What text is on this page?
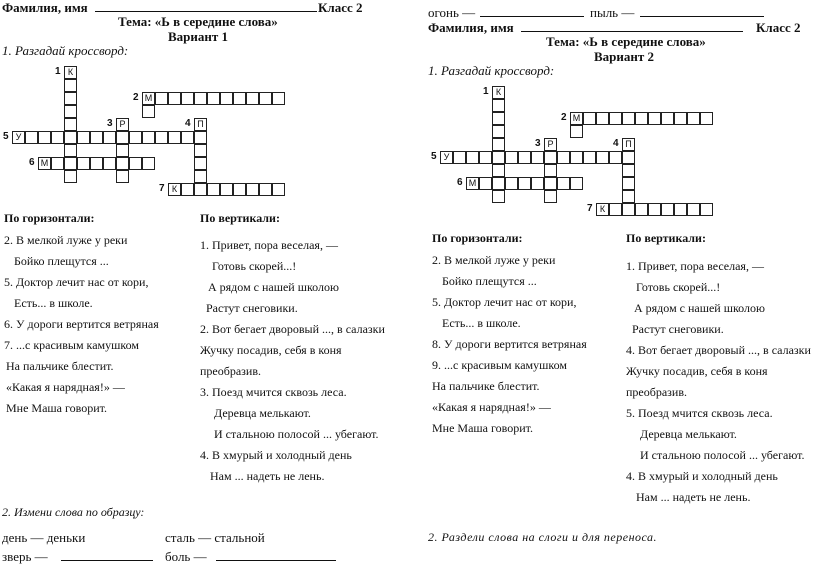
Фамилия, имя	Класс 2
Тема: «Ь в середине слова»
Вариант 1
1. Разгадай кроссворд:
К
М
Р	П
У
М
К
1
2
3	4
5
6
7
По горизонтали:	По вертикали:
2. В мелкой луже у реки
Бойко плещутся ...
5. Доктор лечит нас от кори,
Есть... в школе.
6. У дороги вертится ветряная
7. ...с красивым камушком
На пальчике блестит.
«Какая я нарядная!» —
Мне Маша говорит.
1. Привет, пора веселая, —
Готовь скорей...!
А рядом с нашей школою
Растут снеговики.
2. Вот бегает дворовый ..., в салазки
Жучку посадив, себя в коня
преобразив.
3. Поезд мчится сквозь леса.
Деревца мелькают.
И стальною полосой ... убегают.
4. В хмурый и холодный день
Нам ... надеть не лень.
2. Измени слова по образцу:
день — деньки	сталь — стальной
зверь —	боль —
огонь —	пыль —
Фамилия, имя	Класс 2
Тема: «Ь в середине слова»
Вариант 2
1. Разгадай кроссворд:
К
М
Р	П
У
М
К
1
2
3	4
5
6
7
По горизонтали:	По вертикали:
2. В мелкой луже у реки
Бойко плещутся ...
5. Доктор лечит нас от кори,
Есть... в школе.
8. У дороги вертится ветряная
9. ...с красивым камушком
На пальчике блестит.
«Какая я нарядная!» —
Мне Маша говорит.
1. Привет, пора веселая, —
Готовь скорей...!
А рядом с нашей школою
Растут снеговики.
4. Вот бегает дворовый ..., в салазки
Жучку посадив, себя в коня
преобразив.
5. Поезд мчится сквозь леса.
Деревца мелькают.
И стальною полосой ... убегают.
4. В хмурый и холодный день
Нам ... надеть не лень.
2. Раздели слова на слоги и для переноса.
